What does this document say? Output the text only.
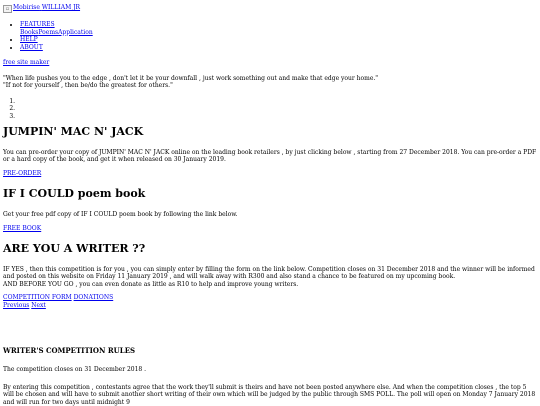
▫ Mobirise WILLIAM JR
• FEATURES
BooksPoemsApplication
• HELP
• ABOUT
free site maker

"When life pushes you to the edge , don't let it be your downfall , just work something out and make that edge your home."

"If not for yourself , then be/do the greatest for others."

1.
2.
3.
JUMPIN' MAC N' JACK

You can pre-order your copy of JUMPIN' MAC N' JACK online on the leading book retailers , by just clicking below , starting from 27 December 2018. You can pre-order a PDF or a hard copy of the book, and get it when released on 30 January 2019.

PRE-ORDER
IF I COULD poem book

Get your free pdf copy of IF I COULD poem book by following the link below.

FREE BOOK
ARE YOU A WRITER ??

IF YES , then this competition is for you , you can simply enter by filling the form on the link below. Competition closes on 31 December 2018 and the winner will be informed and posted on this website on Friday 11 January 2019 , and will walk away with R300 and also stand a chance to be featured on my upcoming book.

AND BEFORE YOU GO , you can even donate as little as R10 to help and improve young writers.

COMPETITION FORM DONATIONS
Previous Next
WRITER'S COMPETITION RULES

The competition closes on 31 December 2018 .

By entering this competition , contestants agree that the work they'll submit is theirs and have not been posted anywhere else. And when the competition closes , the top 5 will be chosen and will have to submit another short writing of their own which will be judged by the public through SMS POLL. The poll will open on Monday 7 January 2018 and will run for two days until midnight 9
